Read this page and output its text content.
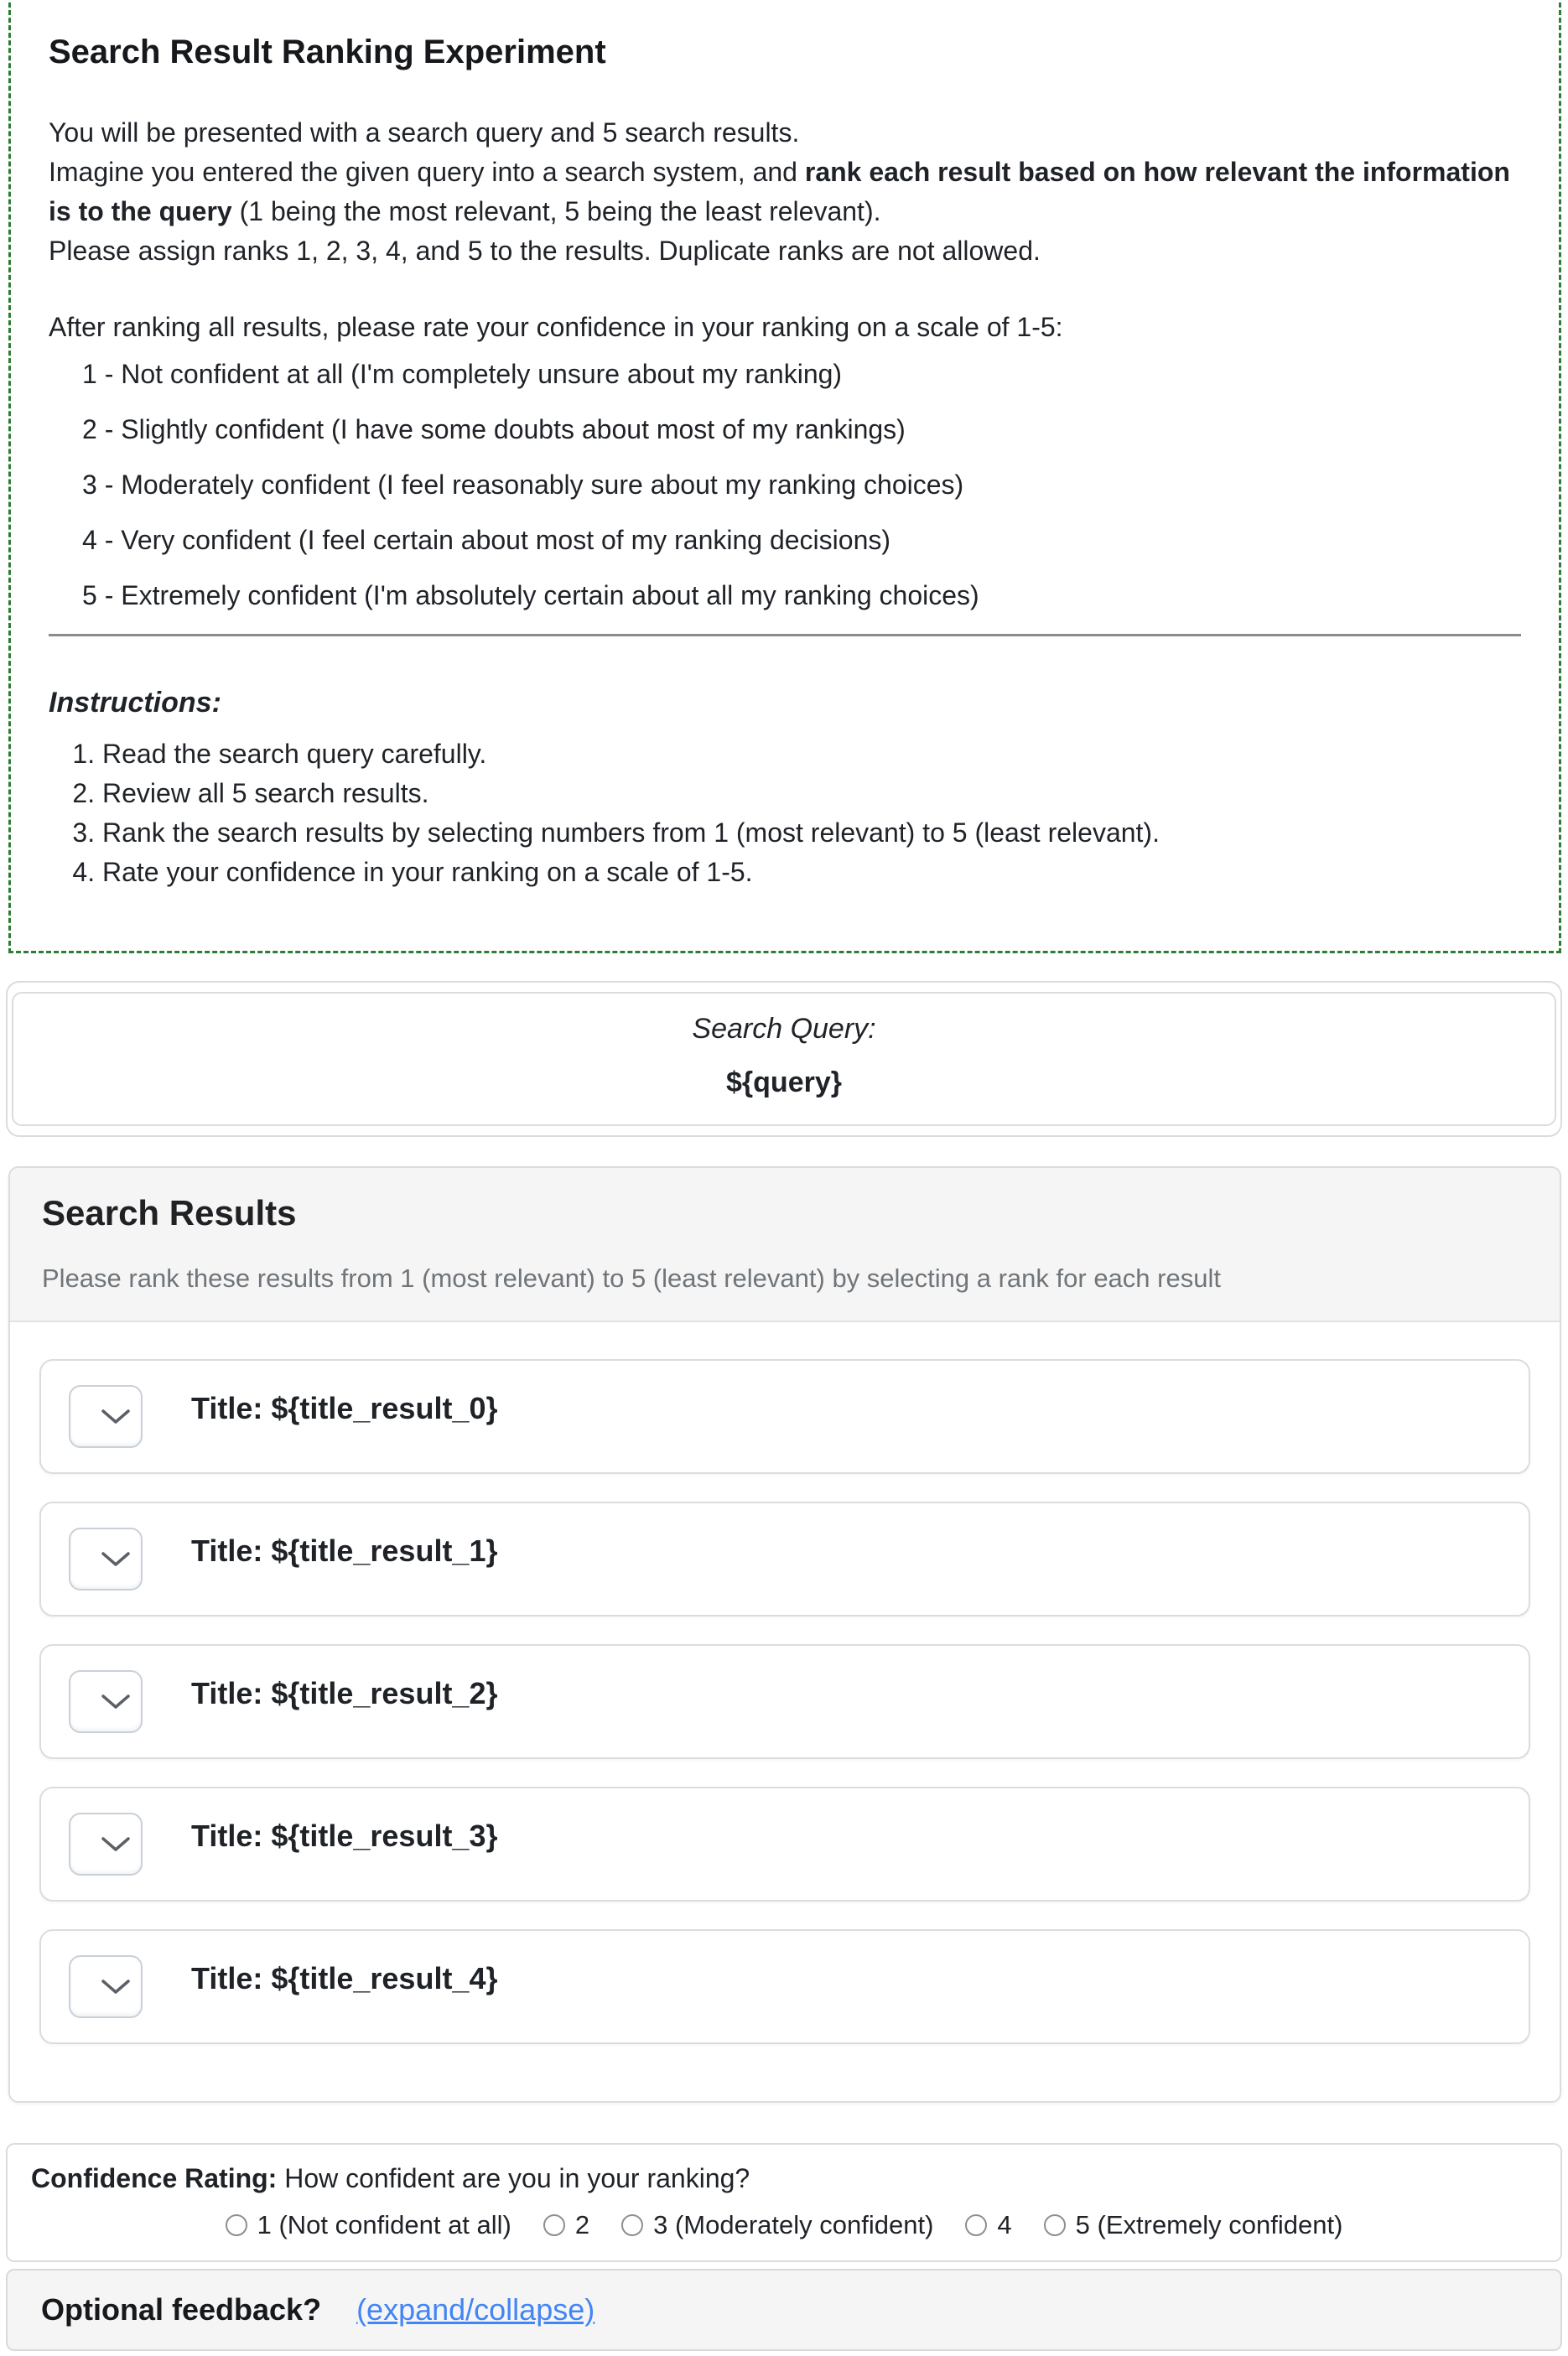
Search Result Ranking Experiment

You will be presented with a search query and 5 search results.
Imagine you entered the given query into a search system, and rank each result based on how relevant the information
is to the query (1 being the most relevant, 5 being the least relevant).
Please assign ranks 1, 2, 3, 4, and 5 to the results. Duplicate ranks are not allowed.

After ranking all results, please rate your confidence in your ranking on a scale of 1-5:

1 - Not confident at all (I'm completely unsure about my ranking)
2 - Slightly confident (I have some doubts about most of my rankings)
3 - Moderately confident (I feel reasonably sure about my ranking choices)
4 - Very confident (I feel certain about most of my ranking decisions)
5 - Extremely confident (I'm absolutely certain about all my ranking choices)

Instructions:

1. Read the search query carefully.
2. Review all 5 search results.
3. Rank the search results by selecting numbers from 1 (most relevant) to 5 (least relevant).
4. Rate your confidence in your ranking on a scale of 1-5.

Search Query:

${query}

Search Results

Please rank these results from 1 (most relevant) to 5 (least relevant) by selecting a rank for each result

Title: ${title_result_0}
Title: ${title_result_1}
Title: ${title_result_2}
Title: ${title_result_3}
Title: ${title_result_4}

Confidence Rating: How confident are you in your ranking?

1 (Not confident at all) 2 3 (Moderately confident) 4 5 (Extremely confident)
Optional feedback? (expand/collapse)
